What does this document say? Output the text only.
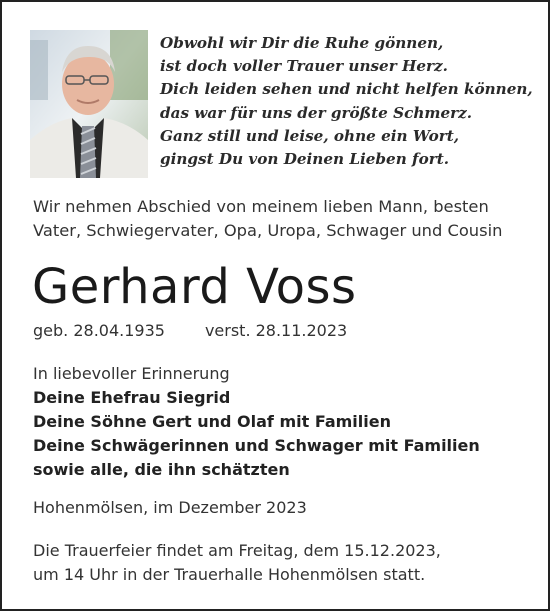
Obwohl wir Dir die Ruhe gönnen,
ist doch voller Trauer unser Herz.
Dich leiden sehen und nicht helfen können,
das war für uns der größte Schmerz.
Ganz still und leise, ohne ein Wort,
gingst Du von Deinen Lieben fort.
Wir nehmen Abschied von meinem lieben Mann, besten
Vater, Schwiegervater, Opa, Uropa, Schwager und Cousin
Gerhard Voss
geb. 28.04.1935	verst. 28.11.2023
In liebevoller Erinnerung
Deine Ehefrau Siegrid
Deine Söhne Gert und Olaf mit Familien
Deine Schwägerinnen und Schwager mit Familien
sowie alle, die ihn schätzten
Hohenmölsen, im Dezember 2023
Die Trauerfeier findet am Freitag, dem 15.12.2023,
um 14 Uhr in der Trauerhalle Hohenmölsen statt.
